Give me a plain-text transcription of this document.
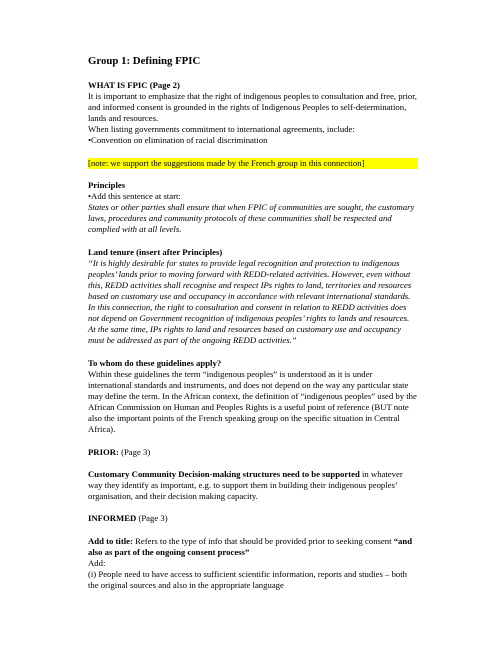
Group 1: Defining FPIC

WHAT IS FPIC (Page 2)

It is important to emphasize that the right of indigenous peoples to consultation and free, prior, and informed consent is grounded in the rights of Indigenous Peoples to self-determination, lands and resources.

When listing governments commitment to international agreements, include:

•Convention on elimination of racial discrimination

[note: we support the suggestions made by the French group in this connection]

Principles

•Add this sentence at start:

States or other parties shall ensure that when FPIC of communities are sought, the customary laws, procedures and community protocols of these communities shall be respected and complied with at all levels.

Land tenure (insert after Principles)

“It is highly desirable for states to provide legal recognition and protection to indigenous peoples’ lands prior to moving forward with REDD-related activities. However, even without this, REDD activities shall recognise and respect IPs rights to land, territories and resources based on customary use and occupancy in accordance with relevant international standards. In this connection, the right to consultation and consent in relation to REDD activities does not depend on Government recognition of indigenous peoples’ rights to lands and resources. At the same time, IPs rights to land and resources based on customary use and occupancy must be addressed as part of the ongoing REDD activities.”

To whom do these guidelines apply?

Within these guidelines the term “indigenous peoples” is understood as it is under international standards and instruments, and does not depend on the way any particular state may define the term. In the African context, the definition of “indigenous peoples” used by the African Commission on Human and Peoples Rights is a useful point of reference (BUT note also the important points of the French speaking group on the specific situation in Central Africa).

PRIOR: (Page 3)

Customary Community Decision-making structures need to be supported in whatever way they identify as important, e.g. to support them in building their indigenous peoples’ organisation, and their decision making capacity.

INFORMED (Page 3)

Add to title: Refers to the type of info that should be provided prior to seeking consent “and also as part of the ongoing consent process”

Add:

(i) People need to have access to sufficient scientific information, reports and studies – both the original sources and also in the appropriate language
